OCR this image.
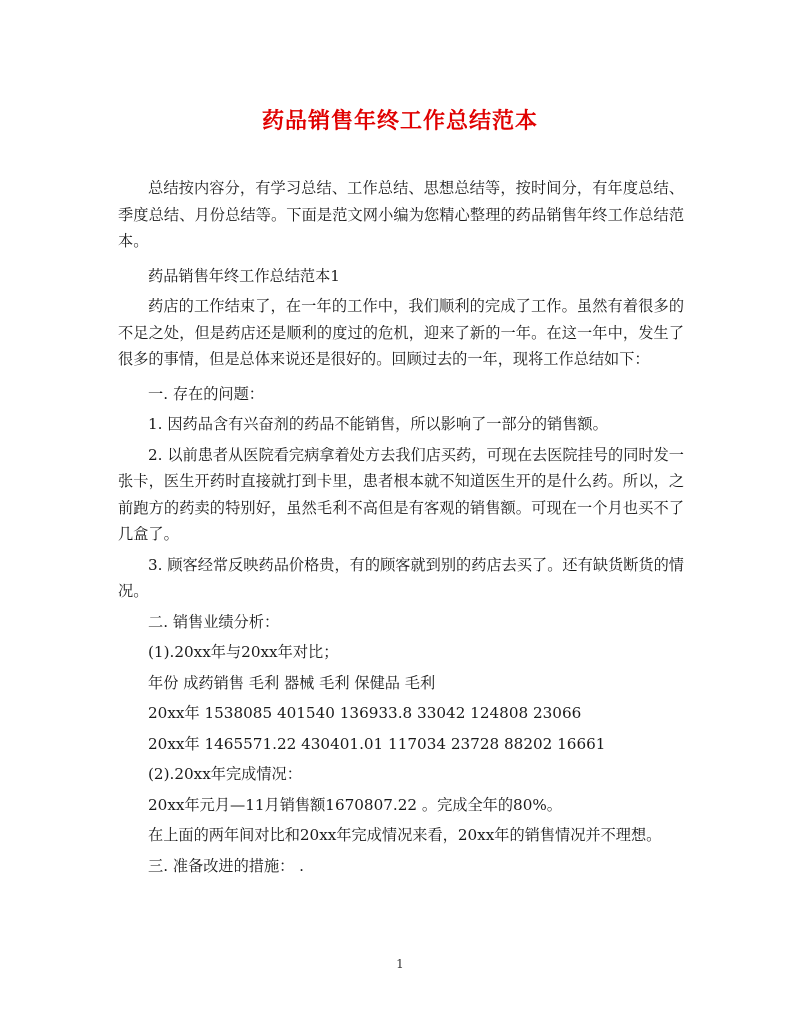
药品销售年终工作总结范本

总结按内容分，有学习总结、工作总结、思想总结等，按时间分，有年度总结、季度总结、月份总结等。下面是范文网小编为您精心整理的药品销售年终工作总结范本。

药品销售年终工作总结范本1

药店的工作结束了，在一年的工作中，我们顺利的完成了工作。虽然有着很多的不足之处，但是药店还是顺利的度过的危机，迎来了新的一年。在这一年中，发生了很多的事情，但是总体来说还是很好的。回顾过去的一年，现将工作总结如下：

一. 存在的问题：

1. 因药品含有兴奋剂的药品不能销售，所以影响了一部分的销售额。

2. 以前患者从医院看完病拿着处方去我们店买药，可现在去医院挂号的同时发一张卡，医生开药时直接就打到卡里，患者根本就不知道医生开的是什么药。所以，之前跑方的药卖的特别好，虽然毛利不高但是有客观的销售额。可现在一个月也买不了几盒了。

3. 顾客经常反映药品价格贵，有的顾客就到别的药店去买了。还有缺货断货的情况。

二. 销售业绩分析：

(1).20xx年与20xx年对比；

年份 成药销售 毛利 器械 毛利 保健品 毛利

20xx年 1538085 401540 136933.8 33042 124808 23066

20xx年 1465571.22 430401.01 117034 23728 88202 16661

(2).20xx年完成情况：

20xx年元月—11月销售额1670807.22 。完成全年的80%。

在上面的两年间对比和20xx年完成情况来看，20xx年的销售情况并不理想。

三. 准备改进的措施： .

1
